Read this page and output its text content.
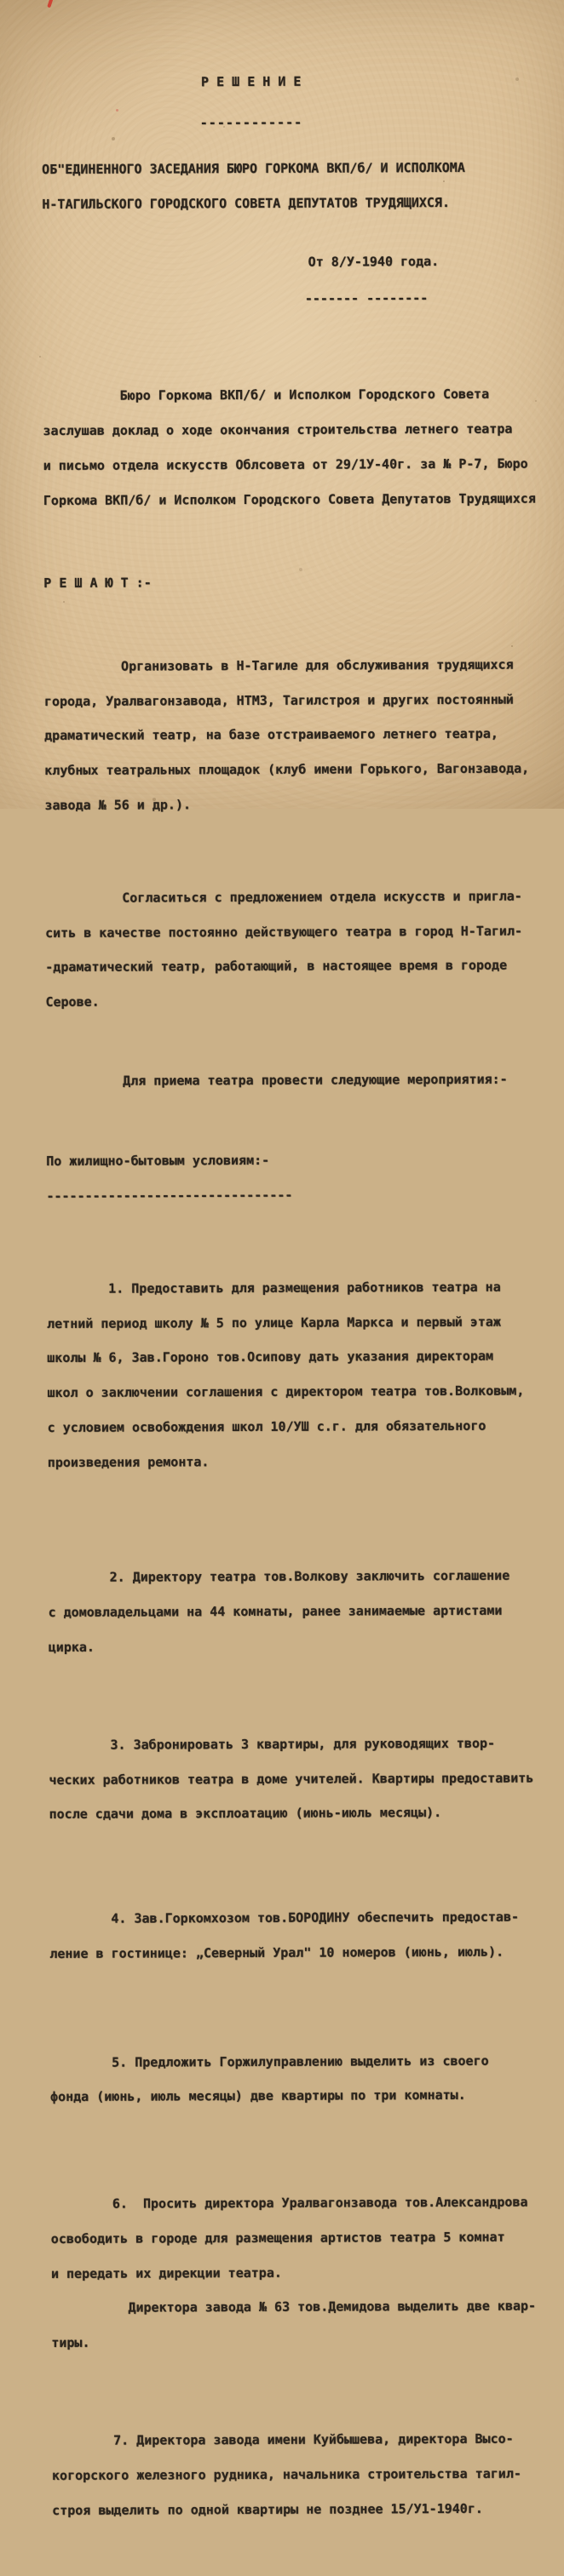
Р Е Ш Е Н И Е

------------

ОБ"ЕДИНЕННОГО ЗАСЕДАНИЯ БЮРО ГОРКОМА ВКП/б/ И ИСПОЛКОМА

Н-ТАГИЛЬСКОГО ГОРОДСКОГО СОВЕТА ДЕПУТАТОВ ТРУДЯЩИХСЯ.

От 8/У-1940 года.

------- --------

Бюро Горкома ВКП/б/ и Исполком Городского Совета

заслушав доклад о ходе окончания строительства летнего театра

и письмо отдела искусств Облсовета от 29/1У-40г. за № Р-7, Бюро

Горкома ВКП/б/ и Исполком Городского Совета Депутатов Трудящихся

Р Е Ш А Ю Т :-

Организовать в Н-Тагиле для обслуживания трудящихся

города, Уралвагонзавода, НТМЗ, Тагилстроя и других постоянный

драматический театр, на базе отстраиваемого летнего театра,

клубных театральных площадок (клуб имени Горького, Вагонзавода,

завода № 56 и др.).

Согласиться с предложением отдела искусств и пригла-

сить в качестве постоянно действующего театра в город Н-Тагил-

-драматический театр, работающий, в настоящее время в городе

Серове.

Для приема театра провести следующие мероприятия:-

По жилищно-бытовым условиям:-

--------------------------------

1. Предоставить для размещения работников театра на

летний период школу № 5 по улице Карла Маркса и первый этаж

школы № 6, Зав.Гороно тов.Осипову дать указания директорам

школ о заключении соглашения с директором театра тов.Волковым,

с условием освобождения школ 10/УШ с.г. для обязательного

произведения ремонта.

2. Директору театра тов.Волкову заключить соглашение

с домовладельцами на 44 комнаты, ранее занимаемые артистами

цирка.

3. Забронировать 3 квартиры, для руководящих твор-

ческих работников театра в доме учителей. Квартиры предоставить

после сдачи дома в эксплоатацию (июнь-июль месяцы).

4. Зав.Горкомхозом тов.БОРОДИНУ обеспечить предостав-

ление в гостинице: „Северный Урал" 10 номеров (июнь, июль).

5. Предложить Горжилуправлению выделить из своего

фонда (июнь, июль месяцы) две квартиры по три комнаты.

6.  Просить директора Уралвагонзавода тов.Александрова

освободить в городе для размещения артистов театра 5 комнат

и передать их дирекции театра.

Директора завода № 63 тов.Демидова выделить две квар-

тиры.

7. Директора завода имени Куйбышева, директора Высо-

когорского железного рудника, начальника строительства тагил-

строя выделить по одной квартиры не позднее 15/У1-1940г.
